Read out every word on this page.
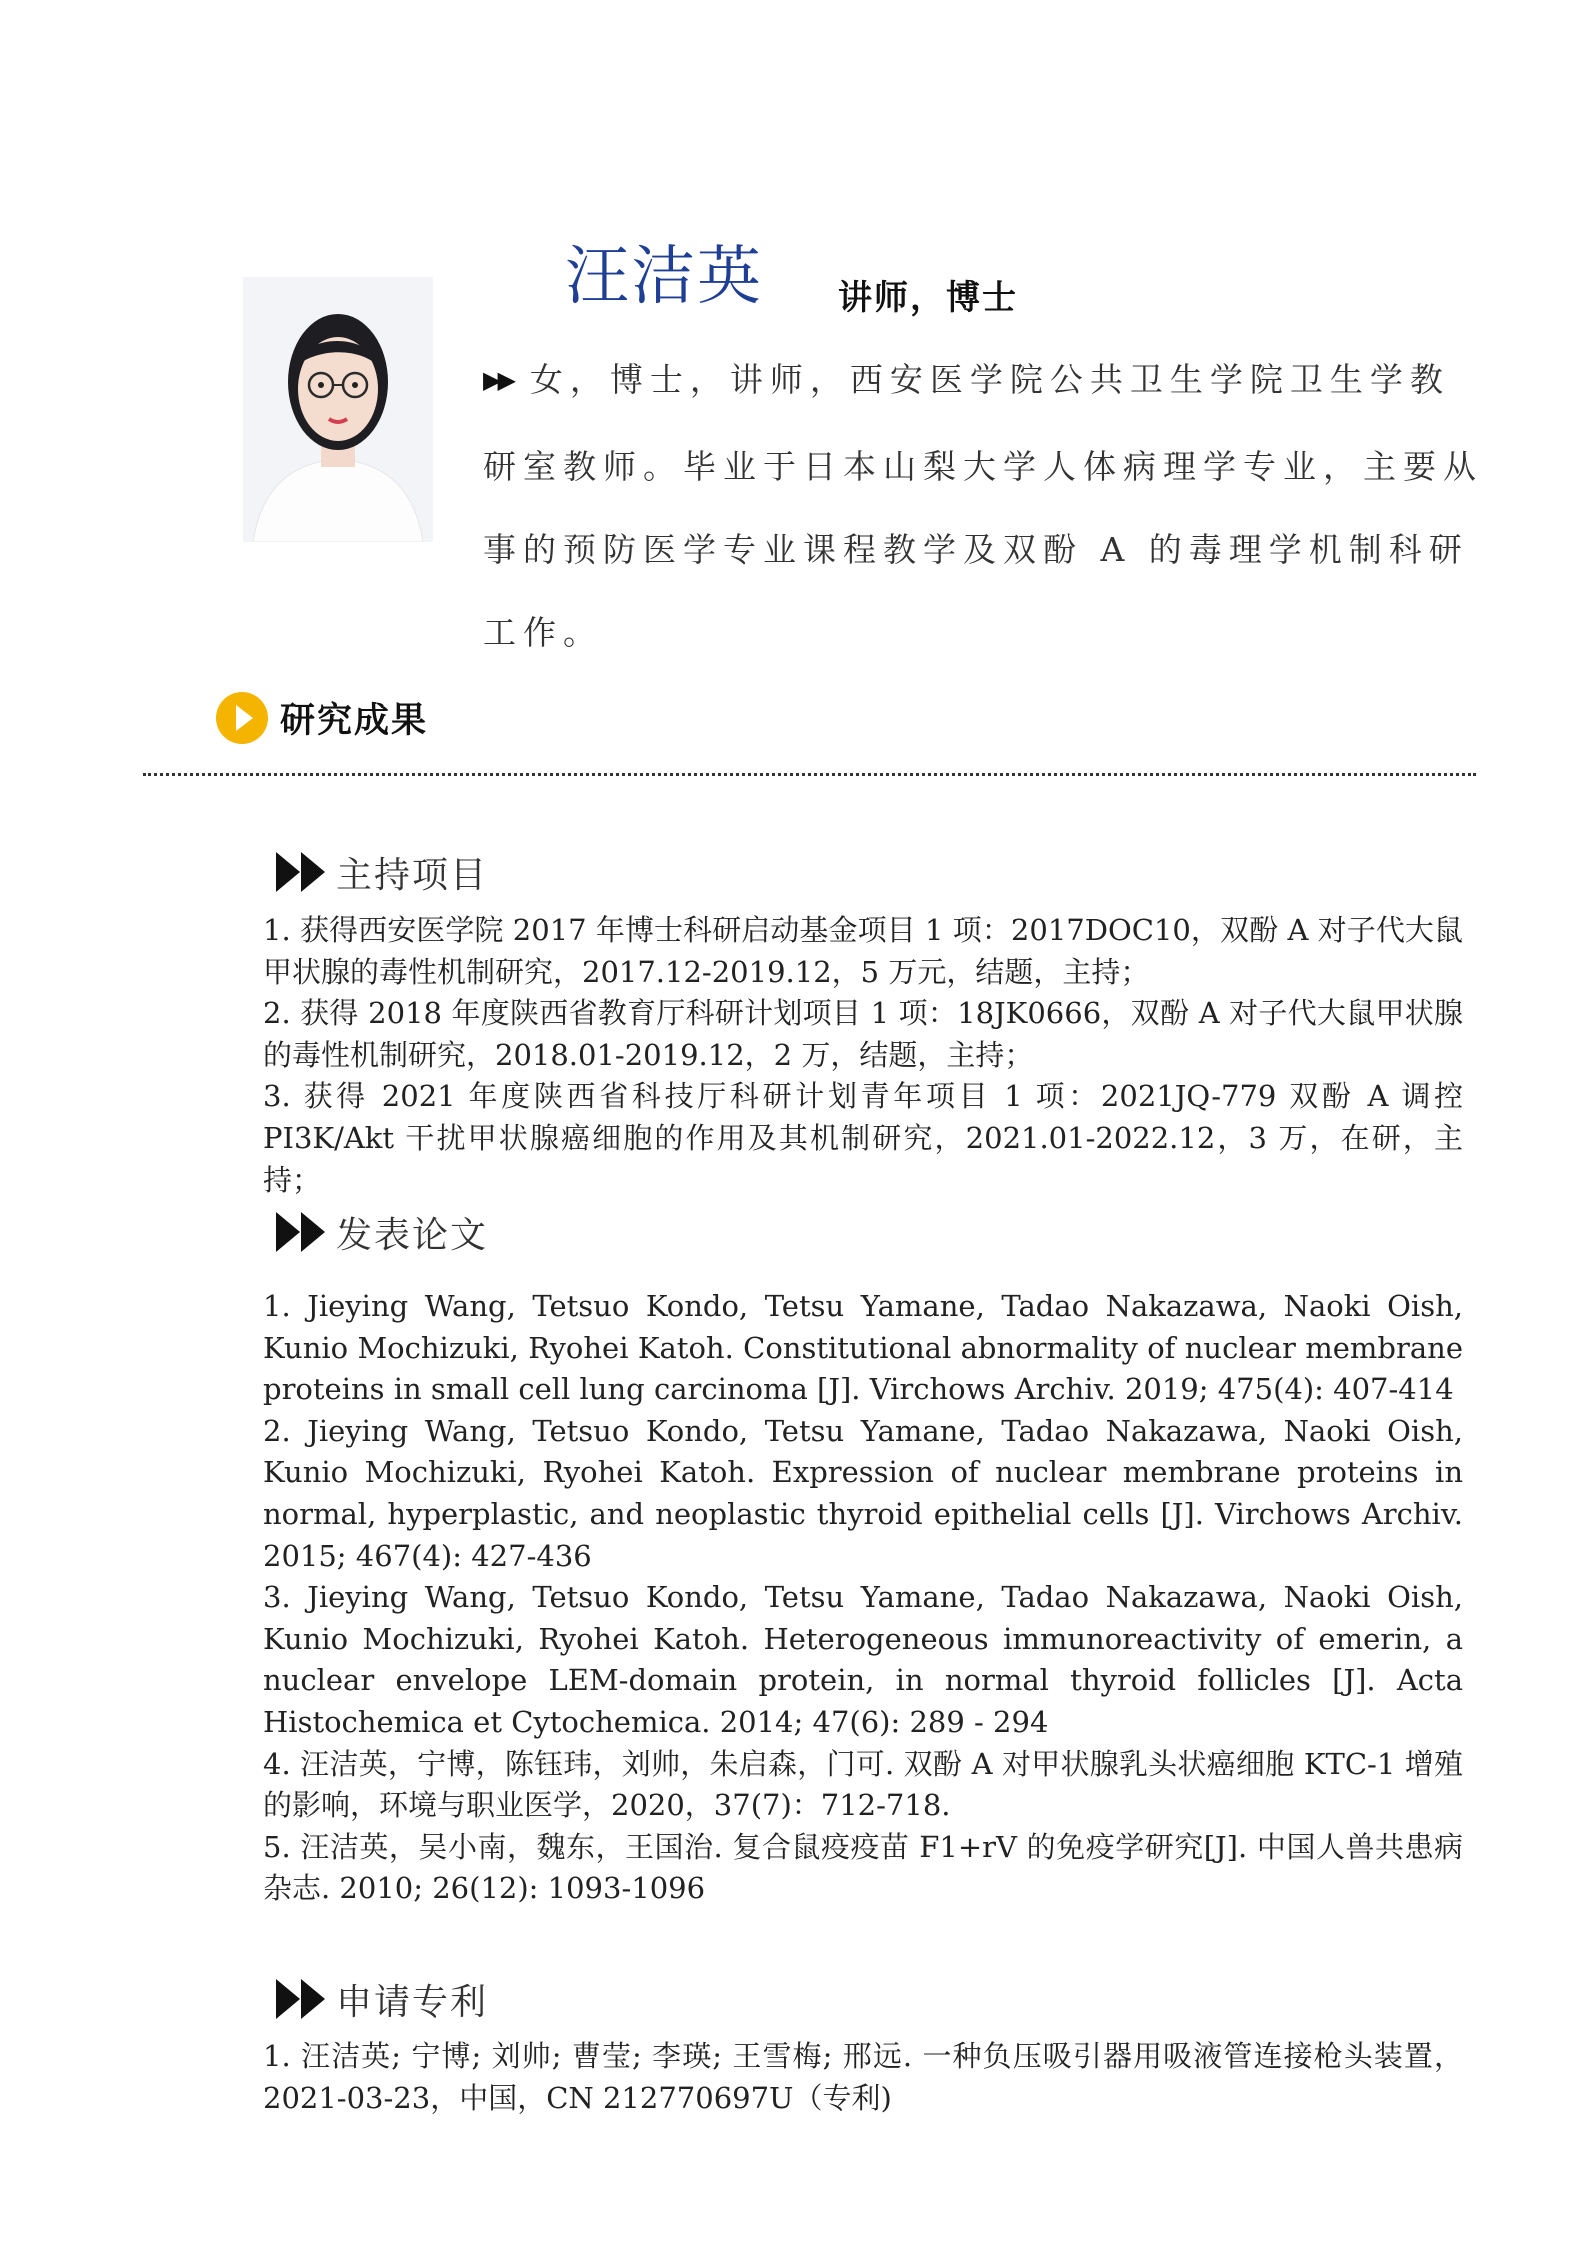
汪洁英 讲师，博士
▶▶ 女，博士，讲师，西安医学院公共卫生学院卫生学教研室教师。毕业于日本山梨大学人体病理学专业，主要从事的预防医学专业课程教学及双酚 A 的毒理学机制科研工作。
研究成果
主持项目

1. 获得西安医学院 2017 年博士科研启动基金项目 1 项：2017DOC10，双酚 A 对子代大鼠甲状腺的毒性机制研究，2017.12-2019.12，5 万元，结题，主持；

2. 获得 2018 年度陕西省教育厅科研计划项目 1 项：18JK0666，双酚 A 对子代大鼠甲状腺的毒性机制研究，2018.01-2019.12，2 万，结题，主持；

3. 获得 2021 年度陕西省科技厅科研计划青年项目 1 项：2021JQ-779 双酚 A 调控 PI3K/Akt 干扰甲状腺癌细胞的作用及其机制研究，2021.01-2022.12，3 万，在研，主持；

发表论文

1. Jieying Wang, Tetsuo Kondo, Tetsu Yamane, Tadao Nakazawa, Naoki Oish, Kunio Mochizuki, Ryohei Katoh. Constitutional abnormality of nuclear membrane proteins in small cell lung carcinoma [J]. Virchows Archiv. 2019; 475(4): 407-414

2. Jieying Wang, Tetsuo Kondo, Tetsu Yamane, Tadao Nakazawa, Naoki Oish, Kunio Mochizuki, Ryohei Katoh. Expression of nuclear membrane proteins in normal, hyperplastic, and neoplastic thyroid epithelial cells [J]. Virchows Archiv. 2015; 467(4): 427-436

3. Jieying Wang, Tetsuo Kondo, Tetsu Yamane, Tadao Nakazawa, Naoki Oish, Kunio Mochizuki, Ryohei Katoh. Heterogeneous immunoreactivity of emerin, a nuclear envelope LEM-domain protein, in normal thyroid follicles [J]. Acta Histochemica et Cytochemica. 2014; 47(6): 289 - 294

4. 汪洁英，宁博，陈钰玮，刘帅，朱启森，门可. 双酚 A 对甲状腺乳头状癌细胞 KTC-1 增殖的影响，环境与职业医学，2020，37(7)：712-718.

5. 汪洁英，吴小南，魏东，王国治. 复合鼠疫疫苗 F1+rV 的免疫学研究[J]. 中国人兽共患病杂志. 2010; 26(12): 1093-1096

申请专利

1. 汪洁英; 宁博; 刘帅; 曹莹; 李瑛; 王雪梅; 邢远. 一种负压吸引器用吸液管连接枪头装置，2021-03-23，中国，CN 212770697U（专利)
